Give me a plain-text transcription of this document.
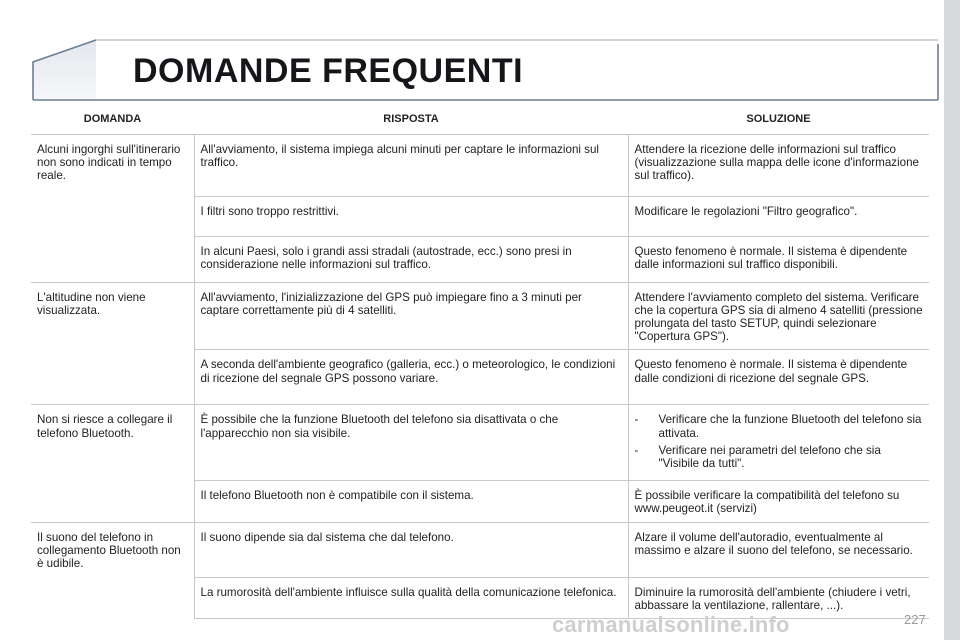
DOMANDE FREQUENTI
DOMANDA	RISPOSTA	SOLUZIONE
Alcuni ingorghi sull'itinerario non sono indicati in tempo reale.	All'avviamento, il sistema impiega alcuni minuti per captare le informazioni sul traffico.	Attendere la ricezione delle informazioni sul traffico (visualizzazione sulla mappa delle icone d'informazione sul traffico).
	I filtri sono troppo restrittivi.	Modificare le regolazioni "Filtro geografico".
	In alcuni Paesi, solo i grandi assi stradali (autostrade, ecc.) sono presi in considerazione nelle informazioni sul traffico.	Questo fenomeno è normale. Il sistema è dipendente dalle informazioni sul traffico disponibili.
L'altitudine non viene visualizzata.	All'avviamento, l'inizializzazione del GPS può impiegare fino a 3 minuti per captare correttamente più di 4 satelliti.	Attendere l'avviamento completo del sistema. Verificare che la copertura GPS sia di almeno 4 satelliti (pressione prolungata del tasto SETUP, quindi selezionare "Copertura GPS").
	A seconda dell'ambiente geografico (galleria, ecc.) o meteorologico, le condizioni di ricezione del segnale GPS possono variare.	Questo fenomeno è normale. Il sistema è dipendente dalle condizioni di ricezione del segnale GPS.
Non si riesce a collegare il telefono Bluetooth.	È possibile che la funzione Bluetooth del telefono sia disattivata o che l'apparecchio non sia visibile.	- Verificare che la funzione Bluetooth del telefono sia attivata.
- Verificare nei parametri del telefono che sia "Visibile da tutti".

	Il telefono Bluetooth non è compatibile con il sistema.	È possibile verificare la compatibilità del telefono su www.peugeot.it (servizi)
Il suono del telefono in collegamento Bluetooth non è udibile.	Il suono dipende sia dal sistema che dal telefono.	Alzare il volume dell'autoradio, eventualmente al massimo e alzare il suono del telefono, se necessario.
	La rumorosità dell'ambiente influisce sulla qualità della comunicazione telefonica.	Diminuire la rumorosità dell'ambiente (chiudere i vetri, abbassare la ventilazione, rallentare, ...).
carmanualsonline.info	227
